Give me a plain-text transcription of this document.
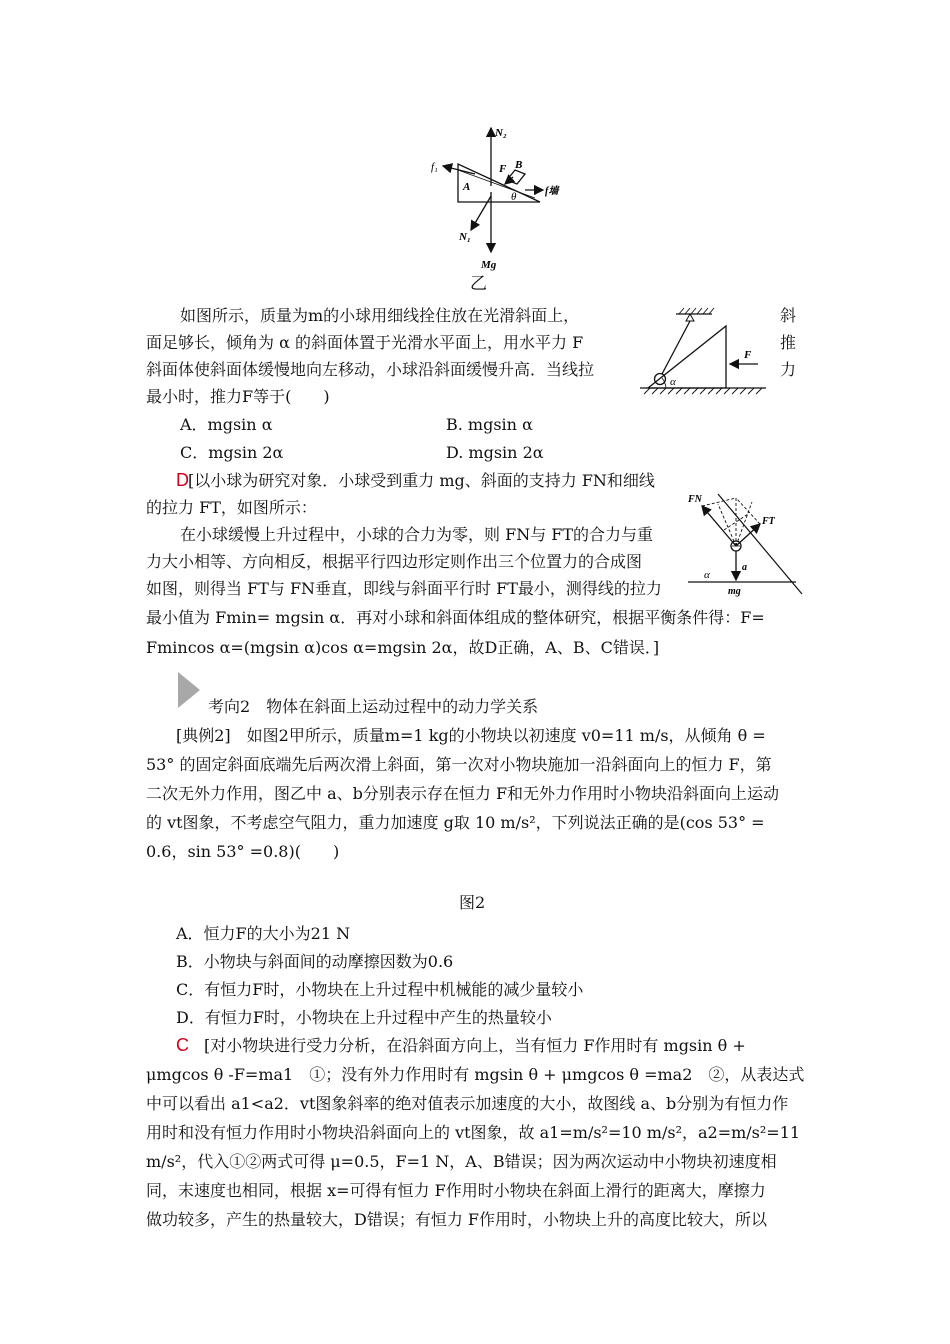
N₂
f₁	F B
A
θ	f墙
N₁
Mg
乙
如图所示，质量为m的小球用细线拴住放在光滑斜面上，
面足够长，倾角为 α 的斜面体置于光滑水平面上，用水平力 F
斜面体使斜面体缓慢地向左移动，小球沿斜面缓慢升高．当线拉
最小时，推力F等于(　　)
斜
推
力
F
α
A．mgsin α	B. mgsin α
C．mgsin 2α	D. mgsin 2α
D [以小球为研究对象．小球受到重力 mg、斜面的支持力 FN和细线
的拉力 FT，如图所示：
在小球缓慢上升过程中，小球的合力为零，则 FN与 FT的合力与重
力大小相等、方向相反，根据平行四边形定则作出三个位置力的合成图
如图，则得当 FT与 FN垂直，即线与斜面平行时 FT最小，测得线的拉力
最小值为 Fmin= mgsin α．再对小球和斜面体组成的整体研究，根据平衡条件得：F=
Fmincos α=(mgsin α)cos α=mgsin 2α，故D正确，A、B、C错误．]
FN
FT
a
α
mg
考向2　物体在斜面上运动过程中的动力学关系
[典例2]　如图2甲所示，质量m=1 kg的小物块以初速度 v0=11 m/s，从倾角 θ =
53° 的固定斜面底端先后两次滑上斜面，第一次对小物块施加一沿斜面向上的恒力 F，第
二次无外力作用，图乙中 a、b分别表示存在恒力 F和无外力作用时小物块沿斜面向上运动
的 vt图象，不考虑空气阻力，重力加速度 g取 10 m/s²，下列说法正确的是(cos 53° =
0.6，sin 53° =0.8)(　　)
图2
A．恒力F的大小为21 N
B．小物块与斜面间的动摩擦因数为0.6
C．有恒力F时，小物块在上升过程中机械能的减少量较小
D．有恒力F时，小物块在上升过程中产生的热量较小
C [对小物块进行受力分析，在沿斜面方向上，当有恒力 F作用时有 mgsin θ +
μmgcos θ -F=ma1　①；没有外力作用时有 mgsin θ + μmgcos θ =ma2　②，从表达式
中可以看出 a1<a2．vt图象斜率的绝对值表示加速度的大小，故图线 a、b分别为有恒力作
用时和没有恒力作用时小物块沿斜面向上的 vt图象，故 a1=m/s²=10 m/s²，a2=m/s²=11
m/s²，代入①②两式可得 μ=0.5，F=1 N，A、B错误；因为两次运动中小物块初速度相
同，末速度也相同，根据 x=可得有恒力 F作用时小物块在斜面上滑行的距离大，摩擦力
做功较多，产生的热量较大，D错误；有恒力 F作用时，小物块上升的高度比较大，所以
